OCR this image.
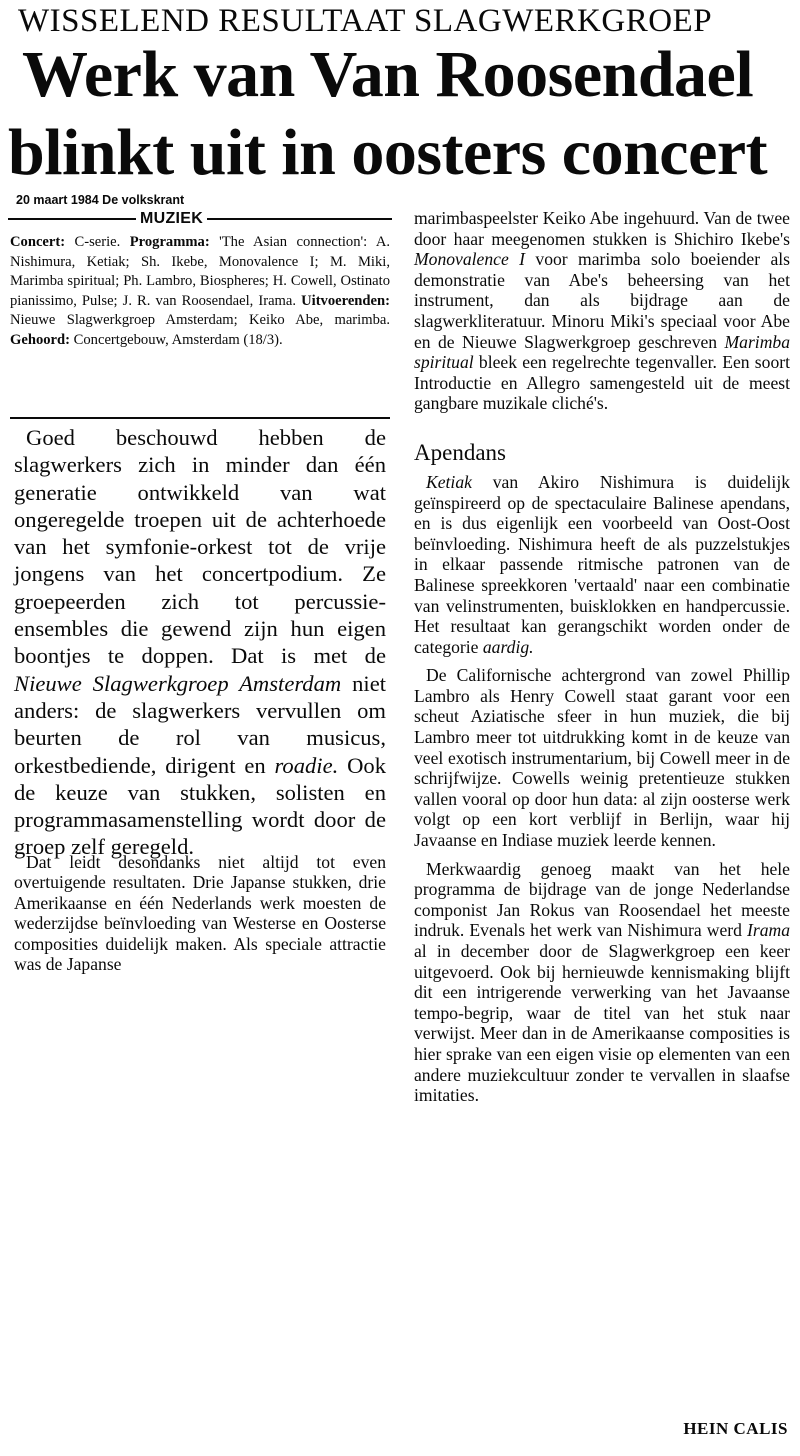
WISSELEND RESULTAAT SLAGWERKGROEP
Werk van Van Roosendael
blinkt uit in oosters concert
20 maart 1984 De volkskrant
MUZIEK
Concert: C-serie. Programma: 'The Asian connection': A. Nishimura, Ketiak; Sh. Ikebe, Monovalence I; M. Miki, Marimba spiritual; Ph. Lambro, Biospheres; H. Cowell, Ostinato pianissimo, Pulse; J. R. van Roosendael, Irama. Uitvoerenden: Nieuwe Slagwerkgroep Amsterdam; Keiko Abe, marimba. Gehoord: Concertgebouw, Amsterdam (18/3).

Goed beschouwd hebben de slagwerkers zich in minder dan één generatie ontwikkeld van wat ongeregelde troepen uit de achterhoede van het symfonie-orkest tot de vrije jongens van het concertpodium. Ze groepeerden zich tot percussie-ensembles die gewend zijn hun eigen boontjes te doppen. Dat is met de Nieuwe Slagwerkgroep Amsterdam niet anders: de slagwerkers vervullen om beurten de rol van musicus, orkestbediende, dirigent en roadie. Ook de keuze van stukken, solisten en programmasamenstelling wordt door de groep zelf geregeld.

Dat leidt desondanks niet altijd tot even overtuigende resultaten. Drie Japanse stukken, drie Amerikaanse en één Nederlands werk moesten de wederzijdse beïnvloeding van Westerse en Oosterse composities duidelijk maken. Als speciale attractie was de Japanse

marimbaspeelster Keiko Abe ingehuurd. Van de twee door haar meegenomen stukken is Shichiro Ikebe's Monovalence I voor marimba solo boeiender als demonstratie van Abe's beheersing van het instrument, dan als bijdrage aan de slagwerkliteratuur. Minoru Miki's speciaal voor Abe en de Nieuwe Slagwerkgroep geschreven Marimba spiritual bleek een regelrechte tegenvaller. Een soort Introductie en Allegro samengesteld uit de meest gangbare muzikale cliché's.

Apendans

Ketiak van Akiro Nishimura is duidelijk geïnspireerd op de spectaculaire Balinese apendans, en is dus eigenlijk een voorbeeld van Oost-Oost beïnvloeding. Nishimura heeft de als puzzelstukjes in elkaar passende ritmische patronen van de Balinese spreekkoren 'vertaald' naar een combinatie van velinstrumenten, buisklokken en handpercussie. Het resultaat kan gerangschikt worden onder de categorie aardig.

De Californische achtergrond van zowel Phillip Lambro als Henry Cowell staat garant voor een scheut Aziatische sfeer in hun muziek, die bij Lambro meer tot uitdrukking komt in de keuze van veel exotisch instrumentarium, bij Cowell meer in de schrijfwijze. Cowells weinig pretentieuze stukken vallen vooral op door hun data: al zijn oosterse werk volgt op een kort verblijf in Berlijn, waar hij Javaanse en Indiase muziek leerde kennen.

Merkwaardig genoeg maakt van het hele programma de bijdrage van de jonge Nederlandse componist Jan Rokus van Roosendael het meeste indruk. Evenals het werk van Nishimura werd Irama al in december door de Slagwerkgroep een keer uitgevoerd. Ook bij hernieuwde kennismaking blijft dit een intrigerende verwerking van het Javaanse tempo-begrip, waar de titel van het stuk naar verwijst. Meer dan in de Amerikaanse composities is hier sprake van een eigen visie op elementen van een andere muziekcultuur zonder te vervallen in slaafse imitaties.

HEIN CALIS
